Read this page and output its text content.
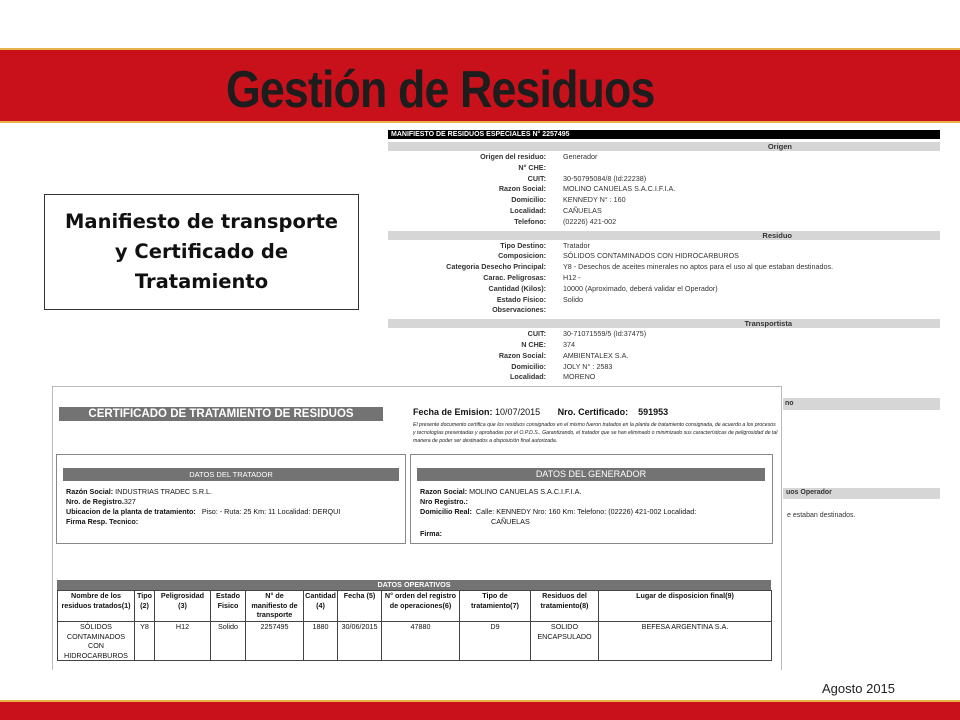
Gestión de Residuos
Manifiesto de transporte
y Certificado de
Tratamiento
MANIFIESTO DE RESIDUOS ESPECIALES N° 2257495
Origen
Origen del residuo: Generador
N° CHE:
CUIT: 30-50795084/8 (Id:22238)
Razon Social: MOLINO CANUELAS S.A.C.I.F.I.A.
Domicilio: KENNEDY N° : 160
Localidad: CAÑUELAS
Telefono: (02226) 421-002
Residuo
Tipo Destino: Tratador
Composicion: SÓLIDOS CONTAMINADOS CON HIDROCARBUROS
Categoria Desecho Principal: Y8 - Desechos de aceites minerales no aptos para el uso al que estaban destinados.
Carac. Peligrosas: H12 -
Cantidad (Kilos): 10000 (Aproximado, deberá validar el Operador)
Estado Físico: Solido
Observaciones:
Transportista
CUIT: 30-71071559/5 (Id:37475)
N CHE: 374
Razon Social: AMBIENTALEX S.A.
Domicilio: JOLY N° : 2583
Localidad: MORENO
no
uos Operador
e estaban destinados.
CERTIFICADO DE TRATAMIENTO DE RESIDUOS	Fecha de Emision: 10/07/2015 Nro. Certificado: 591953
El presente documento certifica que los residuos consignados en el mismo fueron tratados en la planta de tratamiento consignada, de acuerdo a los procesos y tecnologías presentadas y aprobadas por el O.P.D.S.. Garantizando, el tratador que se han eliminado o minimizado sus características de peligrosidad de tal manera de poder ser destinados a disposición final autorizada.
DATOS DEL TRATADOR
Razón Social: INDUSTRIAS TRADEC S.R.L.
Nro. de Registro.327
Ubicacion de la planta de tratamiento: Piso: - Ruta: 25 Km: 11 Localidad: DERQUI
Firma Resp. Tecnico:
DATOS DEL GENERADOR
Razon Social: MOLINO CANUELAS S.A.C.I.F.I.A.
Nro Registro.:
Domicilio Real: Calle: KENNEDY Nro: 160 Km: Telefono: (02226) 421-002 Localidad:
CAÑUELAS
Firma:
DATOS OPERATIVOS
Nombre de los residuos tratados(1)	Tipo (2)	Peligrosidad (3)	Estado Fisico	N° de manifiesto de transporte	Cantidad (4)	Fecha (5)	N° orden del registro de operaciones(6)	Tipo de tratamiento(7)	Residuos del tratamiento(8)	Lugar de disposicion final(9)
SÓLIDOS CONTAMINADOS CON HIDROCARBUROS	Y8	H12	Solido	2257495	1880	30/06/2015	47880	D9	SOLIDO ENCAPSULADO	BEFESA ARGENTINA S.A.
Agosto 2015
